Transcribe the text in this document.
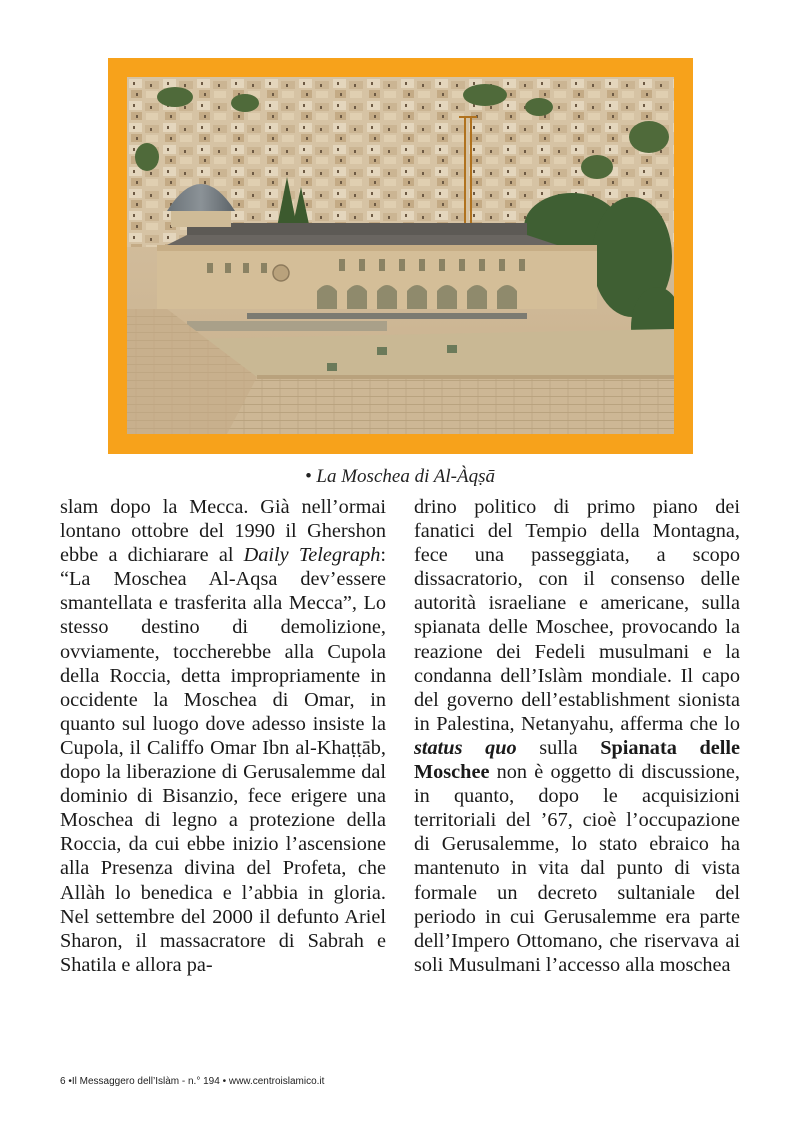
• La Moschea di Al-Àqṣā
slam dopo la Mecca. Già nell’ormai lontano ottobre del 1990 il Ghershon ebbe a dichiarare al Daily Telegraph: “La Moschea Al-Aqsa dev’essere smantellata e trasferita alla Mecca”, Lo stesso destino di demolizione, ovviamente, toccherebbe alla Cupola della Roccia, detta impropriamente in occidente la Moschea di Omar, in quanto sul luogo dove adesso insiste la Cupola, il Califfo Omar Ibn al-Khaṭṭāb, dopo la liberazione di Gerusalemme dal dominio di Bisanzio, fece erigere una Moschea di legno a protezione della Roccia, da cui ebbe inizio l’ascensione alla Presenza divina del Profeta, che Allàh lo benedica e l’abbia in gloria. Nel settembre del 2000 il defunto Ariel Sharon, il massacratore di Sabrah e Shatila e allora pa-
drino politico di primo piano dei fanatici del Tempio della Montagna, fece una passeggiata, a scopo dissacratorio, con il consenso delle autorità israeliane e americane, sulla spianata delle Moschee, provocando la reazione dei Fedeli musulmani e la condanna dell’Islàm mondiale. Il capo del governo dell’establishment sionista in Palestina, Netanyahu, afferma che lo status quo sulla Spianata delle Moschee non è oggetto di discussione, in quanto, dopo le acquisizioni territoriali del ’67, cioè l’occupazione di Gerusalemme, lo stato ebraico ha mantenuto in vita dal punto di vista formale un decreto sultaniale del periodo in cui Gerusalemme era parte dell’Impero Ottomano, che riservava ai soli Musulmani l’accesso alla moschea
6 •Il Messaggero dell’Islàm - n.° 194 • www.centroislamico.it
